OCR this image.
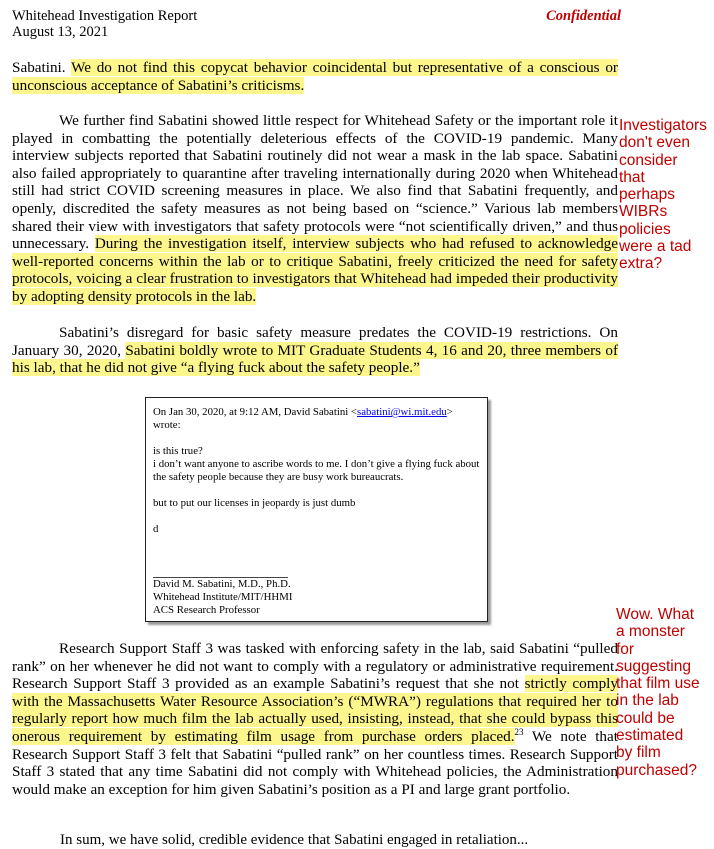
Whitehead Investigation Report
August 13, 2021
Confidential

Sabatini. We do not find this copycat behavior coincidental but representative of a conscious or unconscious acceptance of Sabatini’s criticisms.

We further find Sabatini showed little respect for Whitehead Safety or the important role it played in combatting the potentially deleterious effects of the COVID-19 pandemic. Many interview subjects reported that Sabatini routinely did not wear a mask in the lab space. Sabatini also failed appropriately to quarantine after traveling internationally during 2020 when Whitehead still had strict COVID screening measures in place. We also find that Sabatini frequently, and openly, discredited the safety measures as not being based on “science.” Various lab members shared their view with investigators that safety protocols were “not scientifically driven,” and thus unnecessary. During the investigation itself, interview subjects who had refused to acknowledge well-reported concerns within the lab or to critique Sabatini, freely criticized the need for safety protocols, voicing a clear frustration to investigators that Whitehead had impeded their productivity by adopting density protocols in the lab.

Sabatini’s disregard for basic safety measure predates the COVID-19 restrictions. On January 30, 2020, Sabatini boldly wrote to MIT Graduate Students 4, 16 and 20, three members of his lab, that he did not give “a flying fuck about the safety people.”

On Jan 30, 2020, at 9:12 AM, David Sabatini <sabatini@wi.mit.edu>

wrote:

is this true?

i don’t want anyone to ascribe words to me. I don’t give a flying fuck about the safety people because they are busy work bureaucrats.

but to put our licenses in jeopardy is just dumb

d

David M. Sabatini, M.D., Ph.D.

Whitehead Institute/MIT/HHMI

ACS Research Professor

Research Support Staff 3 was tasked with enforcing safety in the lab, said Sabatini “pulled rank” on her whenever he did not want to comply with a regulatory or administrative requirement. Research Support Staff 3 provided as an example Sabatini’s request that she not strictly comply with the Massachusetts Water Resource Association’s (“MWRA”) regulations that required her to regularly report how much film the lab actually used, insisting, instead, that she could bypass this onerous requirement by estimating film usage from purchase orders placed.$^{23}$ We note that Research Support Staff 3 felt that Sabatini “pulled rank” on her countless times. Research Support Staff 3 stated that any time Sabatini did not comply with Whitehead policies, the Administration would make an exception for him given Sabatini’s position as a PI and large grant portfolio.

In sum, we have solid, credible evidence that Sabatini engaged in retaliation...
Investigators
don't even
consider
that
perhaps
WIBRs
policies
were a tad
extra?
Wow. What
a monster
for
suggesting
that film use
in the lab
could be
estimated
by film
purchased?
